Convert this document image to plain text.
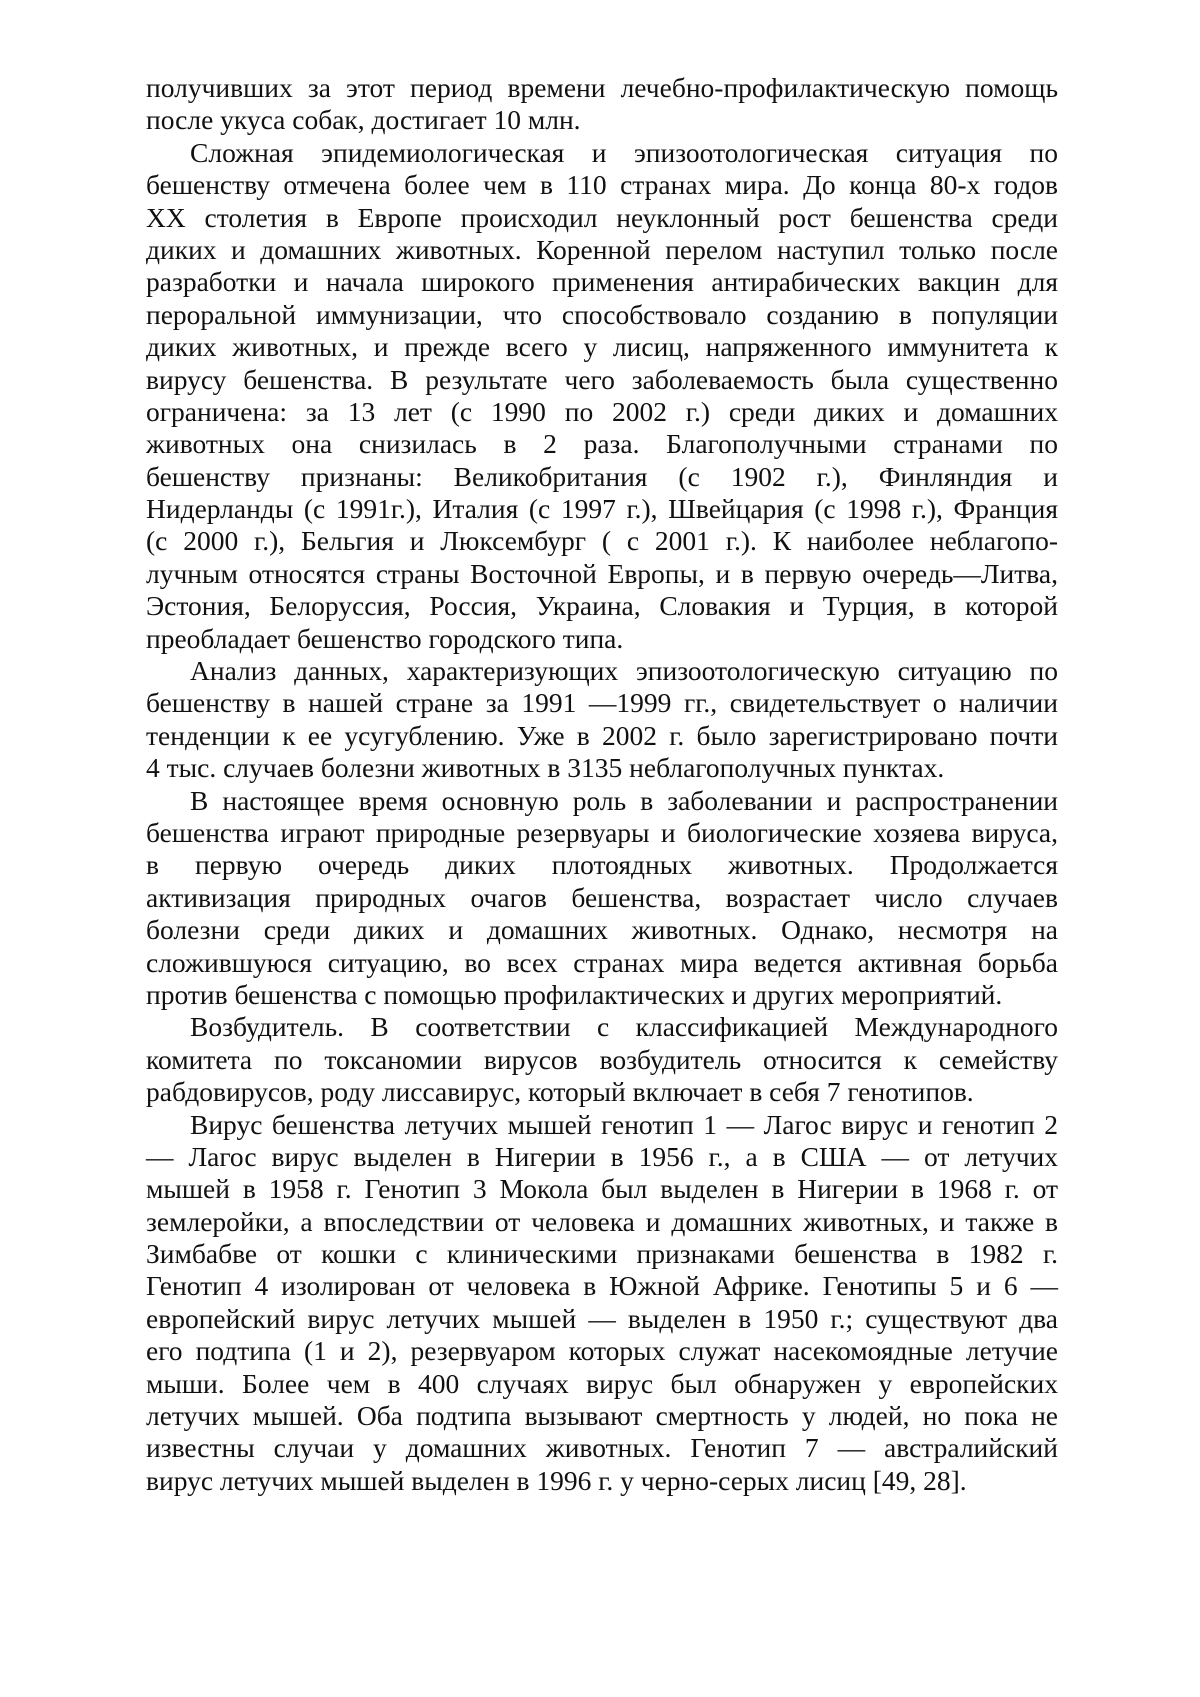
получивших за этот период времени лечебно-профилактическую помощь
после укуса собак, достигает 10 млн.
Сложная эпидемиологическая и эпизоотологическая ситуация по
бешенству отмечена более чем в 110 странах мира. До конца 80-х годов
XX столетия в Европе происходил неуклонный рост бешенства среди
диких и домашних животных. Коренной перелом наступил только после
разработки и начала широкого применения антирабических вакцин для
пероральной иммунизации, что способствовало созданию в популяции
диких животных, и прежде всего у лисиц, напряженного иммунитета к
вирусу бешенства. В результате чего заболеваемость была существенно
ограничена: за 13 лет (с 1990 по 2002 г.) среди диких и домашних
животных она снизилась в 2 раза. Благополучными странами по
бешенству признаны: Великобритания (с 1902 г.), Финляндия и
Нидерланды (с 1991г.), Италия (с 1997 г.), Швейцария (с 1998 г.), Франция
(с 2000 г.), Бельгия и Люксембург ( с 2001 г.). К наиболее неблагопо-
лучным относятся страны Восточной Европы, и в первую очередь—Литва,
Эстония, Белоруссия, Россия, Украина, Словакия и Турция, в которой
преобладает бешенство городского типа.
Анализ данных, характеризующих эпизоотологическую ситуацию по
бешенству в нашей стране за 1991 —1999 гг., свидетельствует о наличии
тенденции к ее усугублению. Уже в 2002 г. было зарегистрировано почти
4 тыс. случаев болезни животных в 3135 неблагополучных пунктах.
В настоящее время основную роль в заболевании и распространении
бешенства играют природные резервуары и биологические хозяева вируса,
в первую очередь диких плотоядных животных. Продолжается
активизация природных очагов бешенства, возрастает число случаев
болезни среди диких и домашних животных. Однако, несмотря на
сложившуюся ситуацию, во всех странах мира ведется активная борьба
против бешенства с помощью профилактических и других мероприятий.
Возбудитель. В соответствии с классификацией Международного
комитета по токсаномии вирусов возбудитель относится к семейству
рабдовирусов, роду лиссавирус, который включает в себя 7 генотипов.
Вирус бешенства летучих мышей генотип 1 — Лагос вирус и генотип 2
— Лагос вирус выделен в Нигерии в 1956 г., а в США — от летучих
мышей в 1958 г. Генотип 3 Мокола был выделен в Нигерии в 1968 г. от
землеройки, а впоследствии от человека и домашних животных, и также в
Зимбабве от кошки с клиническими признаками бешенства в 1982 г.
Генотип 4 изолирован от человека в Южной Африке. Генотипы 5 и 6 —
европейский вирус летучих мышей — выделен в 1950 г.; существуют два
его подтипа (1 и 2), резервуаром которых служат насекомоядные летучие
мыши. Более чем в 400 случаях вирус был обнаружен у европейских
летучих мышей. Оба подтипа вызывают смертность у людей, но пока не
известны случаи у домашних животных. Генотип 7 — австралийский
вирус летучих мышей выделен в 1996 г. у черно-серых лисиц [49, 28].
